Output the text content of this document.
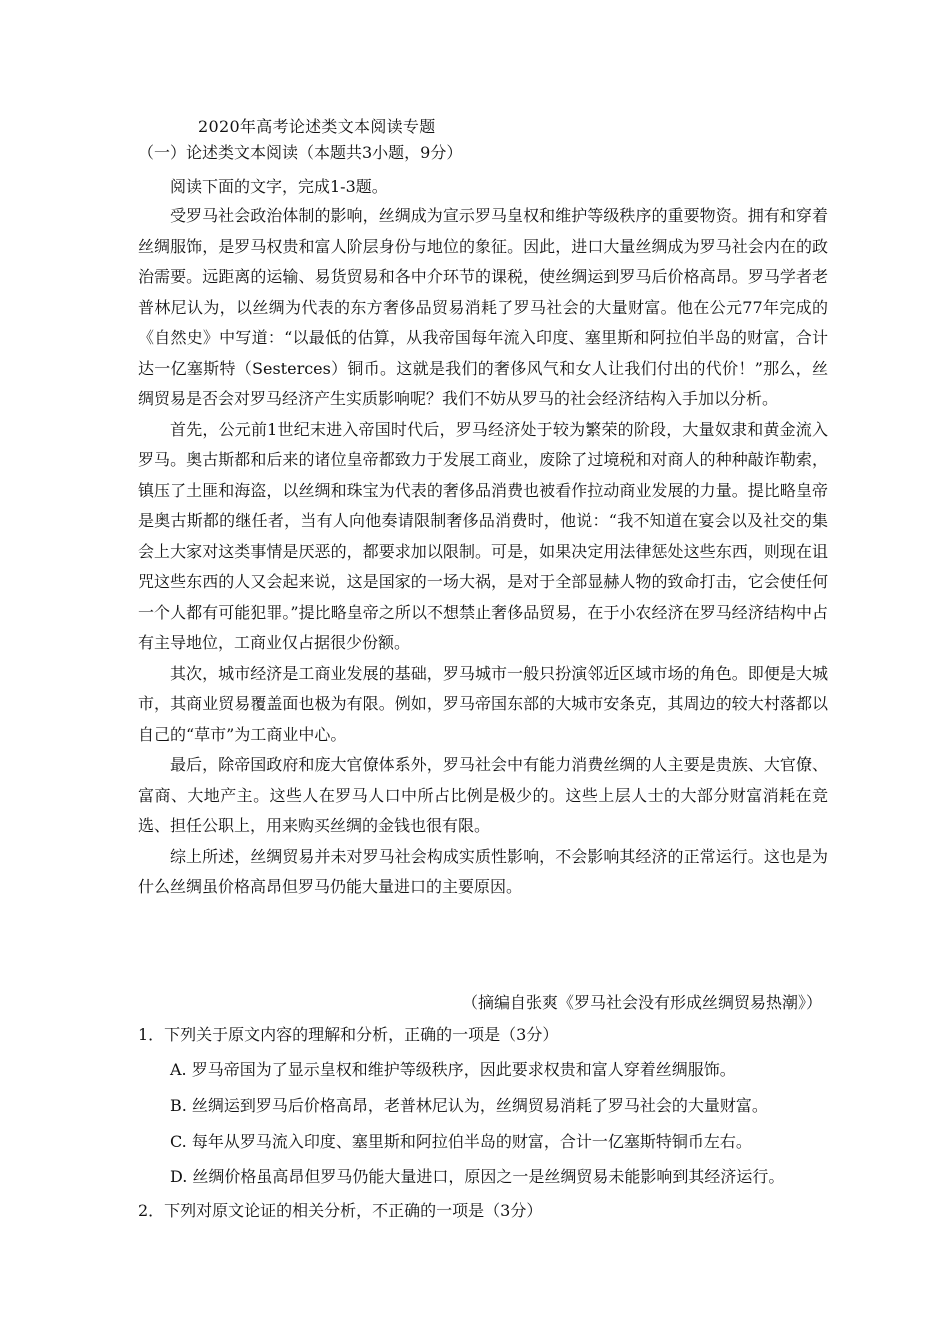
2020年高考论述类文本阅读专题
（一）论述类文本阅读（本题共3小题，9分）
阅读下面的文字，完成1-3题。

受罗马社会政治体制的影响，丝绸成为宣示罗马皇权和维护等级秩序的重要物资。拥有和穿着丝绸服饰，是罗马权贵和富人阶层身份与地位的象征。因此，进口大量丝绸成为罗马社会内在的政治需要。远距离的运输、易货贸易和各中介环节的课税，使丝绸运到罗马后价格高昂。罗马学者老普林尼认为，以丝绸为代表的东方奢侈品贸易消耗了罗马社会的大量财富。他在公元77年完成的《自然史》中写道：“以最低的估算，从我帝国每年流入印度、塞里斯和阿拉伯半岛的财富，合计达一亿塞斯特（Sesterces）铜币。这就是我们的奢侈风气和女人让我们付出的代价！”那么，丝绸贸易是否会对罗马经济产生实质影响呢？我们不妨从罗马的社会经济结构入手加以分析。

首先，公元前1世纪末进入帝国时代后，罗马经济处于较为繁荣的阶段，大量奴隶和黄金流入罗马。奥古斯都和后来的诸位皇帝都致力于发展工商业，废除了过境税和对商人的种种敲诈勒索，镇压了土匪和海盗，以丝绸和珠宝为代表的奢侈品消费也被看作拉动商业发展的力量。提比略皇帝是奥古斯都的继任者，当有人向他奏请限制奢侈品消费时，他说：“我不知道在宴会以及社交的集会上大家对这类事情是厌恶的，都要求加以限制。可是，如果决定用法律惩处这些东西，则现在诅咒这些东西的人又会起来说，这是国家的一场大祸，是对于全部显赫人物的致命打击，它会使任何一个人都有可能犯罪。”提比略皇帝之所以不想禁止奢侈品贸易，在于小农经济在罗马经济结构中占有主导地位，工商业仅占据很少份额。

其次，城市经济是工商业发展的基础，罗马城市一般只扮演邻近区域市场的角色。即便是大城市，其商业贸易覆盖面也极为有限。例如，罗马帝国东部的大城市安条克，其周边的较大村落都以自己的“草市”为工商业中心。

最后，除帝国政府和庞大官僚体系外，罗马社会中有能力消费丝绸的人主要是贵族、大官僚、富商、大地产主。这些人在罗马人口中所占比例是极少的。这些上层人士的大部分财富消耗在竞选、担任公职上，用来购买丝绸的金钱也很有限。

综上所述，丝绸贸易并未对罗马社会构成实质性影响，不会影响其经济的正常运行。这也是为什么丝绸虽价格高昂但罗马仍能大量进口的主要原因。

（摘编自张爽《罗马社会没有形成丝绸贸易热潮》）
1．下列关于原文内容的理解和分析，正确的一项是（3分）
A. 罗马帝国为了显示皇权和维护等级秩序，因此要求权贵和富人穿着丝绸服饰。
B. 丝绸运到罗马后价格高昂，老普林尼认为，丝绸贸易消耗了罗马社会的大量财富。
C. 每年从罗马流入印度、塞里斯和阿拉伯半岛的财富，合计一亿塞斯特铜币左右。
D. 丝绸价格虽高昂但罗马仍能大量进口，原因之一是丝绸贸易未能影响到其经济运行。
2．下列对原文论证的相关分析，不正确的一项是（3分）
